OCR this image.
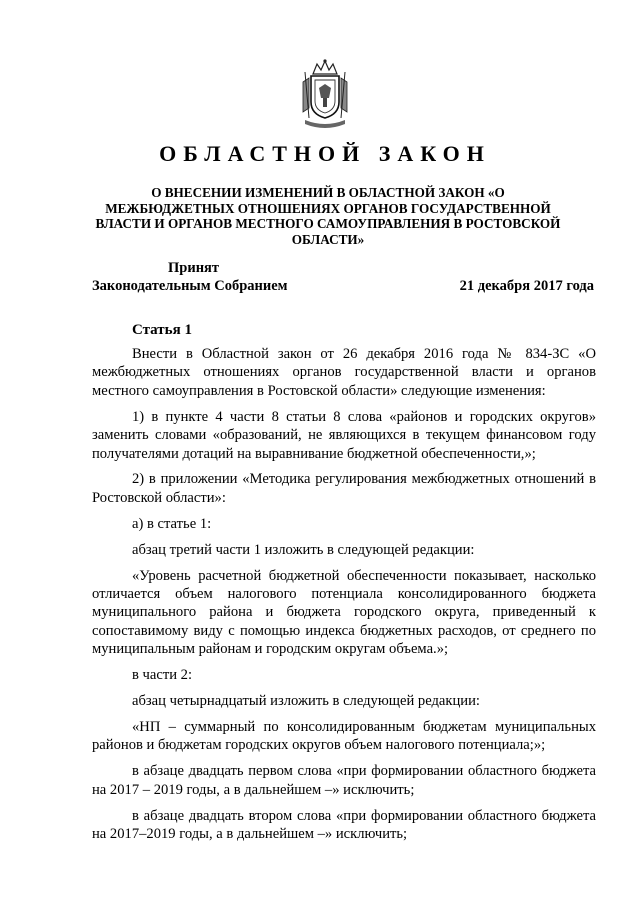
ОБЛАСТНОЙ ЗАКОН
О ВНЕСЕНИИ ИЗМЕНЕНИЙ В ОБЛАСТНОЙ ЗАКОН «О МЕЖБЮДЖЕТНЫХ ОТНОШЕНИЯХ ОРГАНОВ ГОСУДАРСТВЕННОЙ ВЛАСТИ И ОРГАНОВ МЕСТНОГО САМОУПРАВЛЕНИЯ В РОСТОВСКОЙ ОБЛАСТИ»
Принят
Законодательным Собранием	21 декабря 2017 года
Статья 1

Внести в Областной закон от 26 декабря 2016 года № 834-ЗС «О межбюджетных отношениях органов государственной власти и органов местного самоуправления в Ростовской области» следующие изменения:

1) в пункте 4 части 8 статьи 8 слова «районов и городских округов» заменить словами «образований, не являющихся в текущем финансовом году получателями дотаций на выравнивание бюджетной обеспеченности,»;

2) в приложении «Методика регулирования межбюджетных отношений в Ростовской области»:

а) в статье 1:

абзац третий части 1 изложить в следующей редакции:

«Уровень расчетной бюджетной обеспеченности показывает, насколько отличается объем налогового потенциала консолидированного бюджета муниципального района и бюджета городского округа, приведенный к сопоставимому виду с помощью индекса бюджетных расходов, от среднего по муниципальным районам и городским округам объема.»;

в части 2:

абзац четырнадцатый изложить в следующей редакции:

«НП – суммарный по консолидированным бюджетам муниципальных районов и бюджетам городских округов объем налогового потенциала;»;

в абзаце двадцать первом слова «при формировании областного бюджета на 2017 – 2019 годы, а в дальнейшем –» исключить;

в абзаце двадцать втором слова «при формировании областного бюджета на 2017–2019 годы, а в дальнейшем –» исключить;
